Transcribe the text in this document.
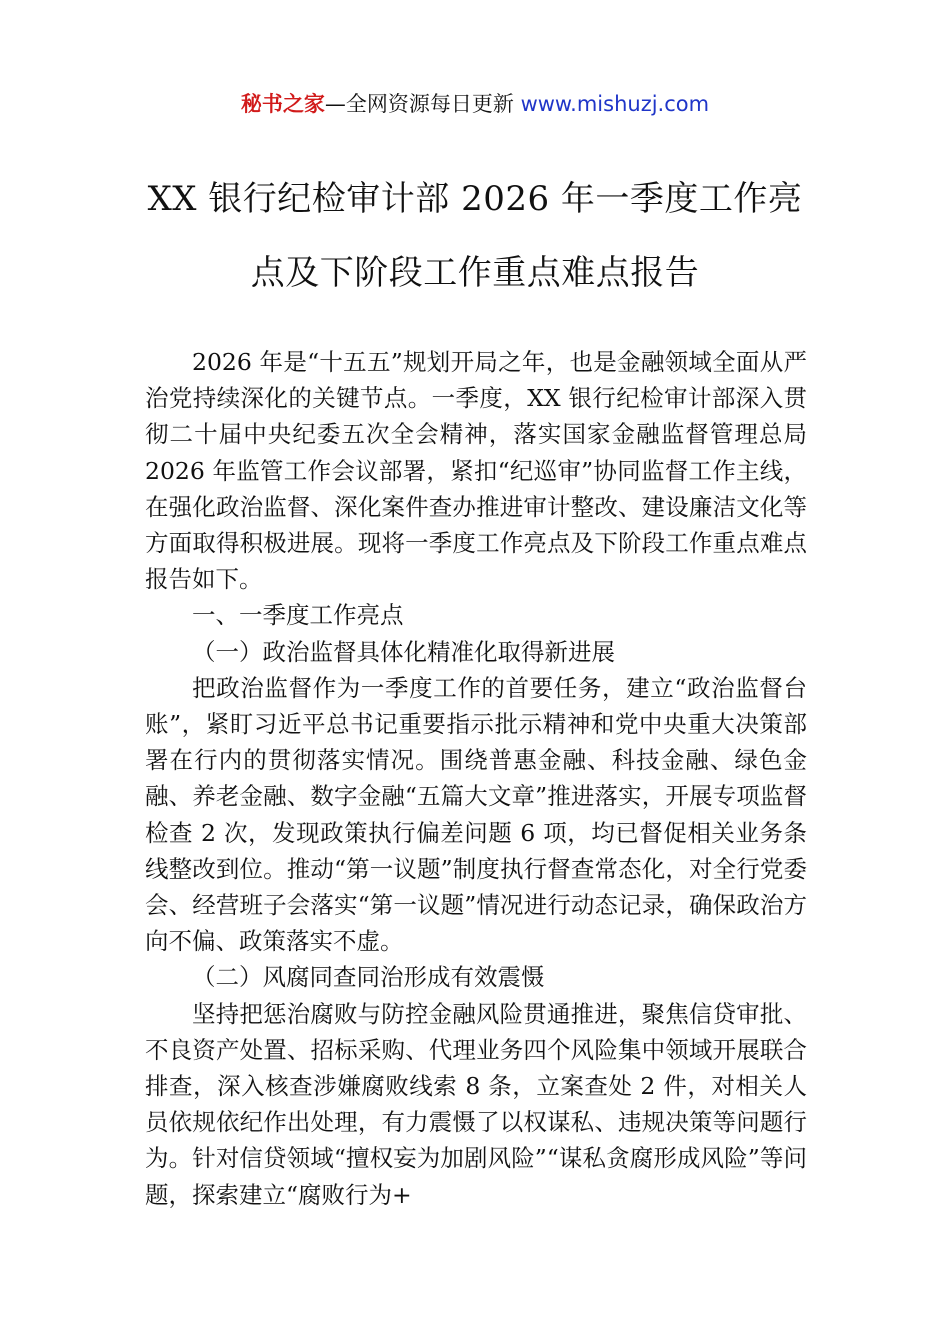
秘书之家—全网资源每日更新 www.mishuzj.com
XX 银行纪检审计部 2026 年一季度工作亮
点及下阶段工作重点难点报告

2026 年是“十五五”规划开局之年，也是金融领域全面从严治党持续深化的关键节点。一季度，XX 银行纪检审计部深入贯彻二十届中央纪委五次全会精神，落实国家金融监督管理总局 2026 年监管工作会议部署，紧扣“纪巡审”协同监督工作主线，在强化政治监督、深化案件查办推进审计整改、建设廉洁文化等方面取得积极进展。现将一季度工作亮点及下阶段工作重点难点报告如下。

一、一季度工作亮点

（一）政治监督具体化精准化取得新进展

把政治监督作为一季度工作的首要任务，建立“政治监督台账”，紧盯习近平总书记重要指示批示精神和党中央重大决策部署在行内的贯彻落实情况。围绕普惠金融、科技金融、绿色金融、养老金融、数字金融“五篇大文章”推进落实，开展专项监督检查 2 次，发现政策执行偏差问题 6 项，均已督促相关业务条线整改到位。推动“第一议题”制度执行督查常态化，对全行党委会、经营班子会落实“第一议题”情况进行动态记录，确保政治方向不偏、政策落实不虚。

（二）风腐同查同治形成有效震慑

坚持把惩治腐败与防控金融风险贯通推进，聚焦信贷审批、不良资产处置、招标采购、代理业务四个风险集中领域开展联合排查，深入核查涉嫌腐败线索 8 条，立案查处 2 件，对相关人员依规依纪作出处理，有力震慑了以权谋私、违规决策等问题行为。针对信贷领域“擅权妄为加剧风险”“谋私贪腐形成风险”等问题，探索建立“腐败行为+
